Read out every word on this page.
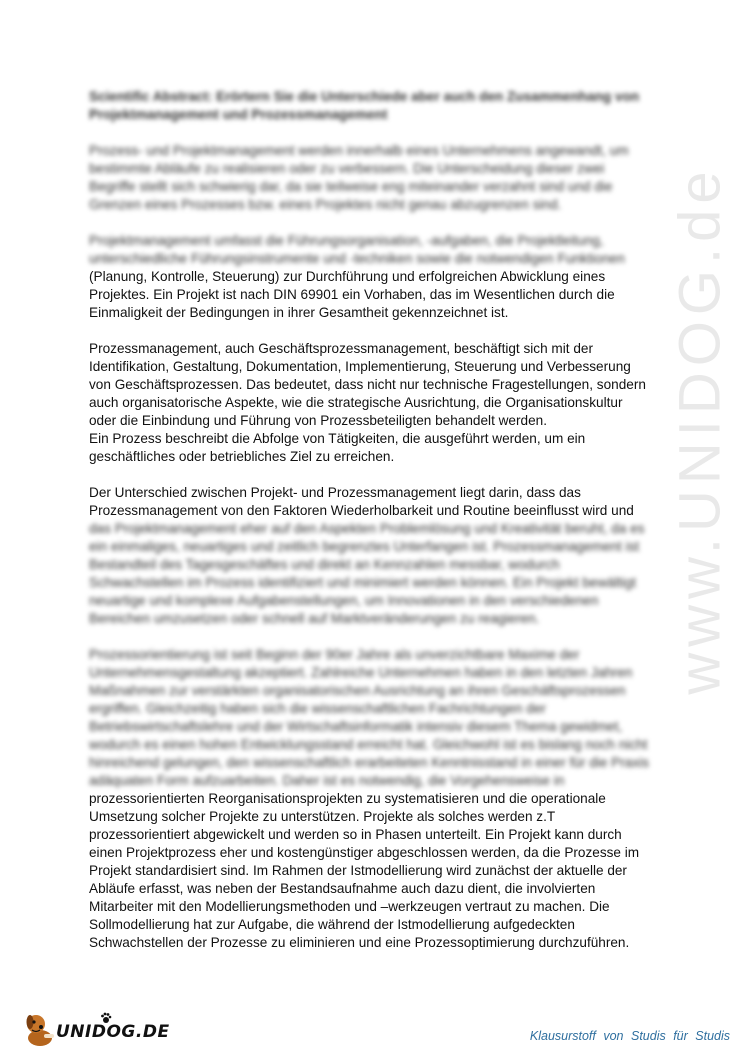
www.UNIDOG.de
Scientific Abstract: Erörtern Sie die Unterschiede aber auch den Zusammenhang von
Projektmanagement und Prozessmanagement
Prozess- und Projektmanagement werden innerhalb eines Unternehmens angewandt, um
bestimmte Abläufe zu realisieren oder zu verbessern. Die Unterscheidung dieser zwei
Begriffe stellt sich schwierig dar, da sie teilweise eng miteinander verzahnt sind und die
Grenzen eines Prozesses bzw. eines Projektes nicht genau abzugrenzen sind.
Projektmanagement umfasst die Führungsorganisation, -aufgaben, die Projektleitung,
unterschiedliche Führungsinstrumente und -techniken sowie die notwendigen Funktionen
(Planung, Kontrolle, Steuerung) zur Durchführung und erfolgreichen Abwicklung eines
Projektes. Ein Projekt ist nach DIN 69901 ein Vorhaben, das im Wesentlichen durch die
Einmaligkeit der Bedingungen in ihrer Gesamtheit gekennzeichnet ist.
Prozessmanagement, auch Geschäftsprozessmanagement, beschäftigt sich mit der
Identifikation, Gestaltung, Dokumentation, Implementierung, Steuerung und Verbesserung
von Geschäftsprozessen. Das bedeutet, dass nicht nur technische Fragestellungen, sondern
auch organisatorische Aspekte, wie die strategische Ausrichtung, die Organisationskultur
oder die Einbindung und Führung von Prozessbeteiligten behandelt werden.
Ein Prozess beschreibt die Abfolge von Tätigkeiten, die ausgeführt werden, um ein
geschäftliches oder betriebliches Ziel zu erreichen.
Der Unterschied zwischen Projekt- und Prozessmanagement liegt darin, dass das
Prozessmanagement von den Faktoren Wiederholbarkeit und Routine beeinflusst wird und
das Projektmanagement eher auf den Aspekten Problemlösung und Kreativität beruht, da es
ein einmaliges, neuartiges und zeitlich begrenztes Unterfangen ist. Prozessmanagement ist
Bestandteil des Tagesgeschäftes und direkt an Kennzahlen messbar, wodurch
Schwachstellen im Prozess identifiziert und minimiert werden können. Ein Projekt bewältigt
neuartige und komplexe Aufgabenstellungen, um Innovationen in den verschiedenen
Bereichen umzusetzen oder schnell auf Marktveränderungen zu reagieren.
Prozessorientierung ist seit Beginn der 90er Jahre als unverzichtbare Maxime der
Unternehmensgestaltung akzeptiert. Zahlreiche Unternehmen haben in den letzten Jahren
Maßnahmen zur verstärkten organisatorischen Ausrichtung an ihren Geschäftsprozessen
ergriffen. Gleichzeitig haben sich die wissenschaftlichen Fachrichtungen der
Betriebswirtschaftslehre und der Wirtschaftsinformatik intensiv diesem Thema gewidmet,
wodurch es einen hohen Entwicklungsstand erreicht hat. Gleichwohl ist es bislang noch nicht
hinreichend gelungen, den wissenschaftlich erarbeiteten Kenntnisstand in einer für die Praxis
adäquaten Form aufzuarbeiten. Daher ist es notwendig, die Vorgehensweise in
prozessorientierten Reorganisationsprojekten zu systematisieren und die operationale
Umsetzung solcher Projekte zu unterstützen. Projekte als solches werden z.T
prozessorientiert abgewickelt und werden so in Phasen unterteilt. Ein Projekt kann durch
einen Projektprozess eher und kostengünstiger abgeschlossen werden, da die Prozesse im
Projekt standardisiert sind. Im Rahmen der Istmodellierung wird zunächst der aktuelle der
Abläufe erfasst, was neben der Bestandsaufnahme auch dazu dient, die involvierten
Mitarbeiter mit den Modellierungsmethoden und –werkzeugen vertraut zu machen. Die
Sollmodellierung hat zur Aufgabe, die während der Istmodellierung aufgedeckten
Schwachstellen der Prozesse zu eliminieren und eine Prozessoptimierung durchzuführen.
UNIDOG.DE	Klausurstoff von Studis für Studis
